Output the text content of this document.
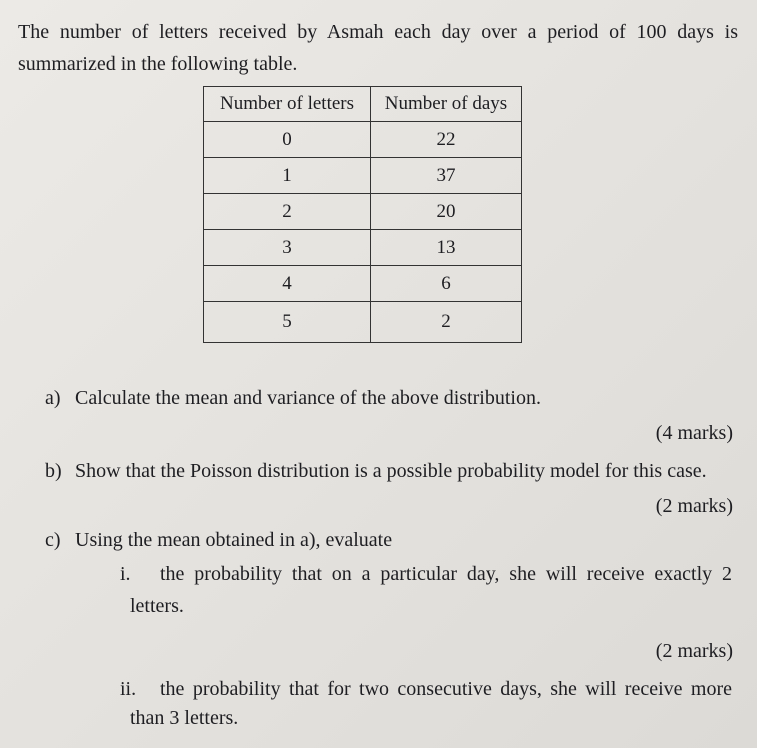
The number of letters received by Asmah each day over a period of 100 days is
summarized in the following table.
Number of letters	Number of days
0	22
1	37
2	20
3	13
4	6
5	2
a) Calculate the mean and variance of the above distribution.
(4 marks)
b) Show that the Poisson distribution is a possible probability model for this case.
(2 marks)
c) Using the mean obtained in a), evaluate
i. the probability that on a particular day, she will receive exactly 2
letters.
(2 marks)
ii. the probability that for two consecutive days, she will receive more
than 3 letters.
